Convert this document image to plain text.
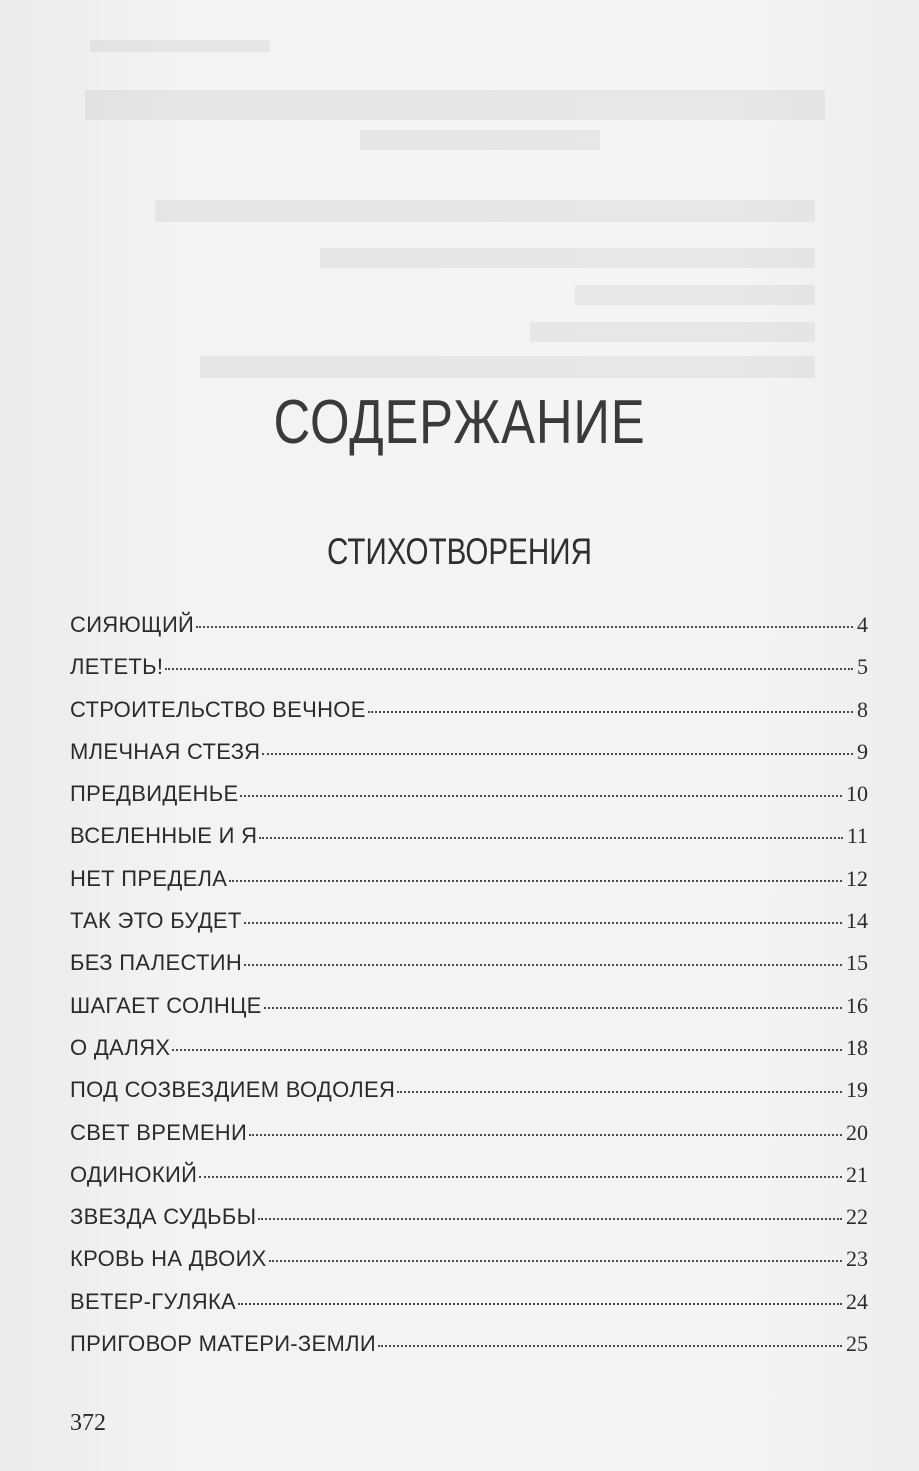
СОДЕРЖАНИЕ
СТИХОТВОРЕНИЯ
СИЯЮЩИЙ	4
ЛЕТЕТЬ!	5
СТРОИТЕЛЬСТВО ВЕЧНОЕ	8
МЛЕЧНАЯ СТЕЗЯ	9
ПРЕДВИДЕНЬЕ	10
ВСЕЛЕННЫЕ И Я	11
НЕТ ПРЕДЕЛА	12
ТАК ЭТО БУДЕТ	14
БЕЗ ПАЛЕСТИН	15
ШАГАЕТ СОЛНЦЕ	16
О ДАЛЯХ	18
ПОД СОЗВЕЗДИЕМ ВОДОЛЕЯ	19
СВЕТ ВРЕМЕНИ	20
ОДИНОКИЙ	21
ЗВЕЗДА СУДЬБЫ	22
КРОВЬ НА ДВОИХ	23
ВЕТЕР-ГУЛЯКА	24
ПРИГОВОР МАТЕРИ-ЗЕМЛИ	25
372
